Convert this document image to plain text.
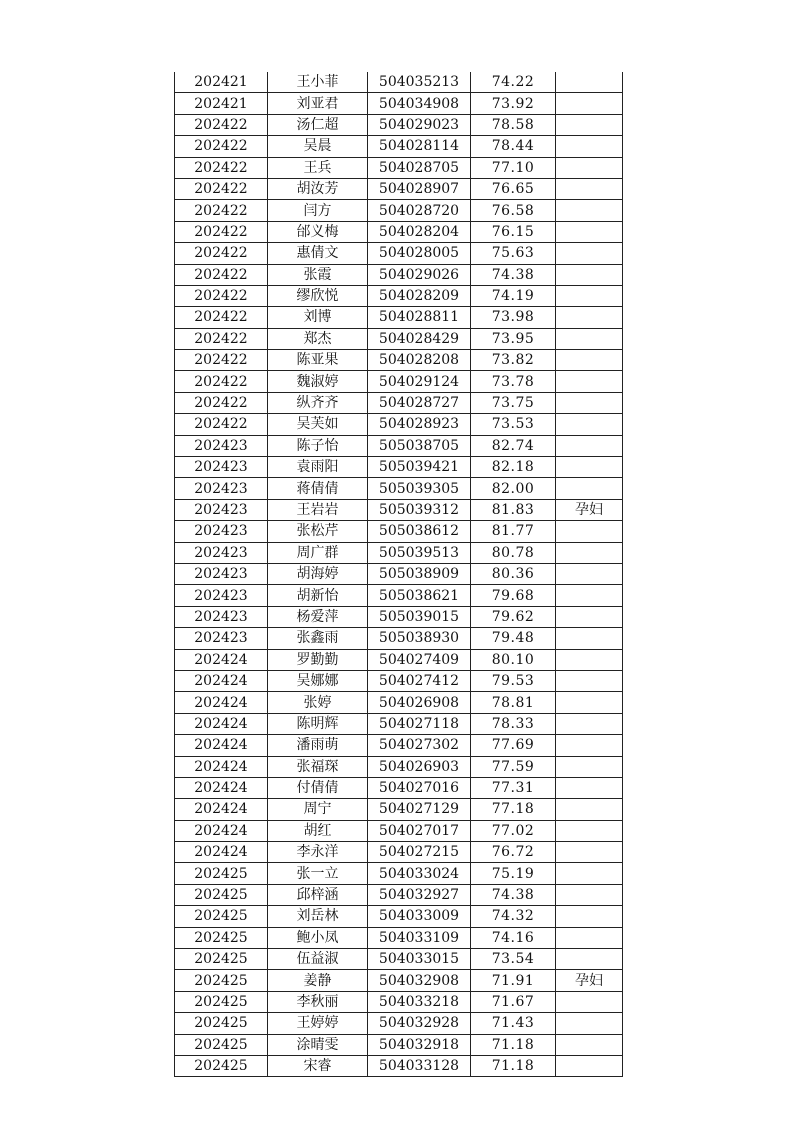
202421	王小菲	504035213	74.22	
202421	刘亚君	504034908	73.92	
202422	汤仁超	504029023	78.58	
202422	吴晨	504028114	78.44	
202422	王兵	504028705	77.10	
202422	胡汝芳	504028907	76.65	
202422	闫方	504028720	76.58	
202422	邰义梅	504028204	76.15	
202422	惠倩文	504028005	75.63	
202422	张霞	504029026	74.38	
202422	缪欣悦	504028209	74.19	
202422	刘博	504028811	73.98	
202422	郑杰	504028429	73.95	
202422	陈亚果	504028208	73.82	
202422	魏淑婷	504029124	73.78	
202422	纵齐齐	504028727	73.75	
202422	吴芙如	504028923	73.53	
202423	陈子怡	505038705	82.74	
202423	袁雨阳	505039421	82.18	
202423	蒋倩倩	505039305	82.00	
202423	王岩岩	505039312	81.83	孕妇
202423	张松芹	505038612	81.77	
202423	周广群	505039513	80.78	
202423	胡海婷	505038909	80.36	
202423	胡新怡	505038621	79.68	
202423	杨爱萍	505039015	79.62	
202423	张鑫雨	505038930	79.48	
202424	罗勤勤	504027409	80.10	
202424	吴娜娜	504027412	79.53	
202424	张婷	504026908	78.81	
202424	陈明辉	504027118	78.33	
202424	潘雨萌	504027302	77.69	
202424	张福琛	504026903	77.59	
202424	付倩倩	504027016	77.31	
202424	周宁	504027129	77.18	
202424	胡红	504027017	77.02	
202424	李永洋	504027215	76.72	
202425	张一立	504033024	75.19	
202425	邱梓涵	504032927	74.38	
202425	刘岳林	504033009	74.32	
202425	鲍小凤	504033109	74.16	
202425	伍益淑	504033015	73.54	
202425	姜静	504032908	71.91	孕妇
202425	李秋丽	504033218	71.67	
202425	王婷婷	504032928	71.43	
202425	涂晴雯	504032918	71.18	
202425	宋睿	504033128	71.18	
